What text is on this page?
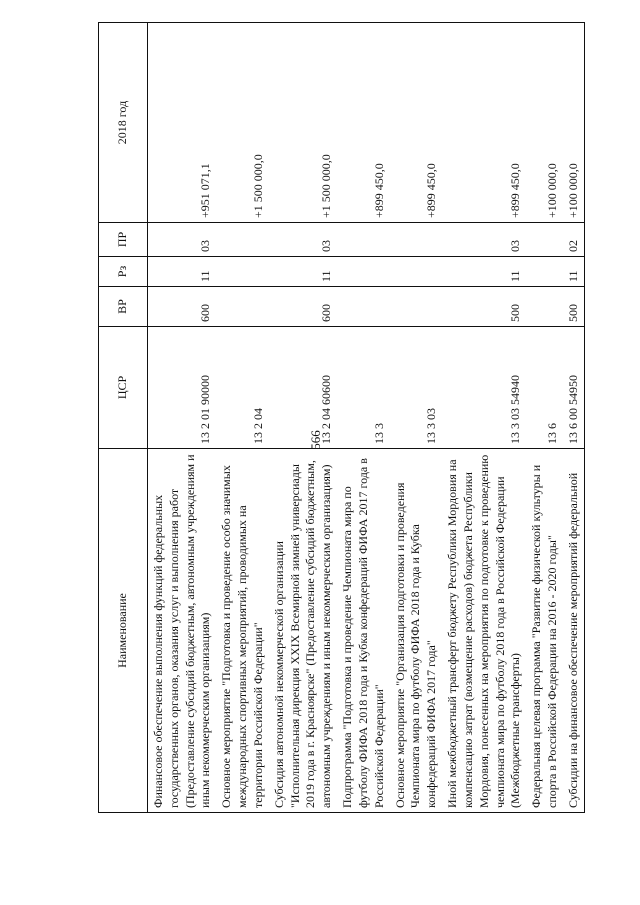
566
Наименование	ЦСР	ВР	Рз	ПР	2018 год
Финансовое обеспечение выполнения функций федеральных государственных органов, оказания услуг и выполнения работ (Предоставление субсидий бюджетным, автономным учреждениям и иным некоммерческим организациям)	13 2 01 90000	600	11	03	+951 071,1
Основное мероприятие "Подготовка и проведение особо значимых международных спортивных мероприятий, проводимых на территории Российской Федерации"	13 2 04				+1 500 000,0
Субсидия автономной некоммерческой организации "Исполнительная дирекция XXIX Всемирной зимней универсиады 2019 года в г. Красноярске" (Предоставление субсидий бюджетным, автономным учреждениям и иным некоммерческим организациям)	13 2 04 60600	600	11	03	+1 500 000,0
Подпрограмма "Подготовка и проведение Чемпионата мира по футболу ФИФА 2018 года и Кубка конфедераций ФИФА 2017 года в Российской Федерации"	13 3				+899 450,0
Основное мероприятие "Организация подготовки и проведения Чемпионата мира по футболу ФИФА 2018 года и Кубка конфедераций ФИФА 2017 года"	13 3 03				+899 450,0
Иной межбюджетный трансферт бюджету Республики Мордовия на компенсацию затрат (возмещение расходов) бюджета Республики Мордовия, понесенных на мероприятия по подготовке к проведению чемпионата мира по футболу 2018 года в Российской Федерации (Межбюджетные трансферты)	13 3 03 54940	500	11	03	+899 450,0
Федеральная целевая программа "Развитие физической культуры и спорта в Российской Федерации на 2016 - 2020 годы"	13 6				+100 000,0
Субсидии на финансовое обеспечение мероприятий федеральной	13 6 00 54950	500	11	02	+100 000,0
